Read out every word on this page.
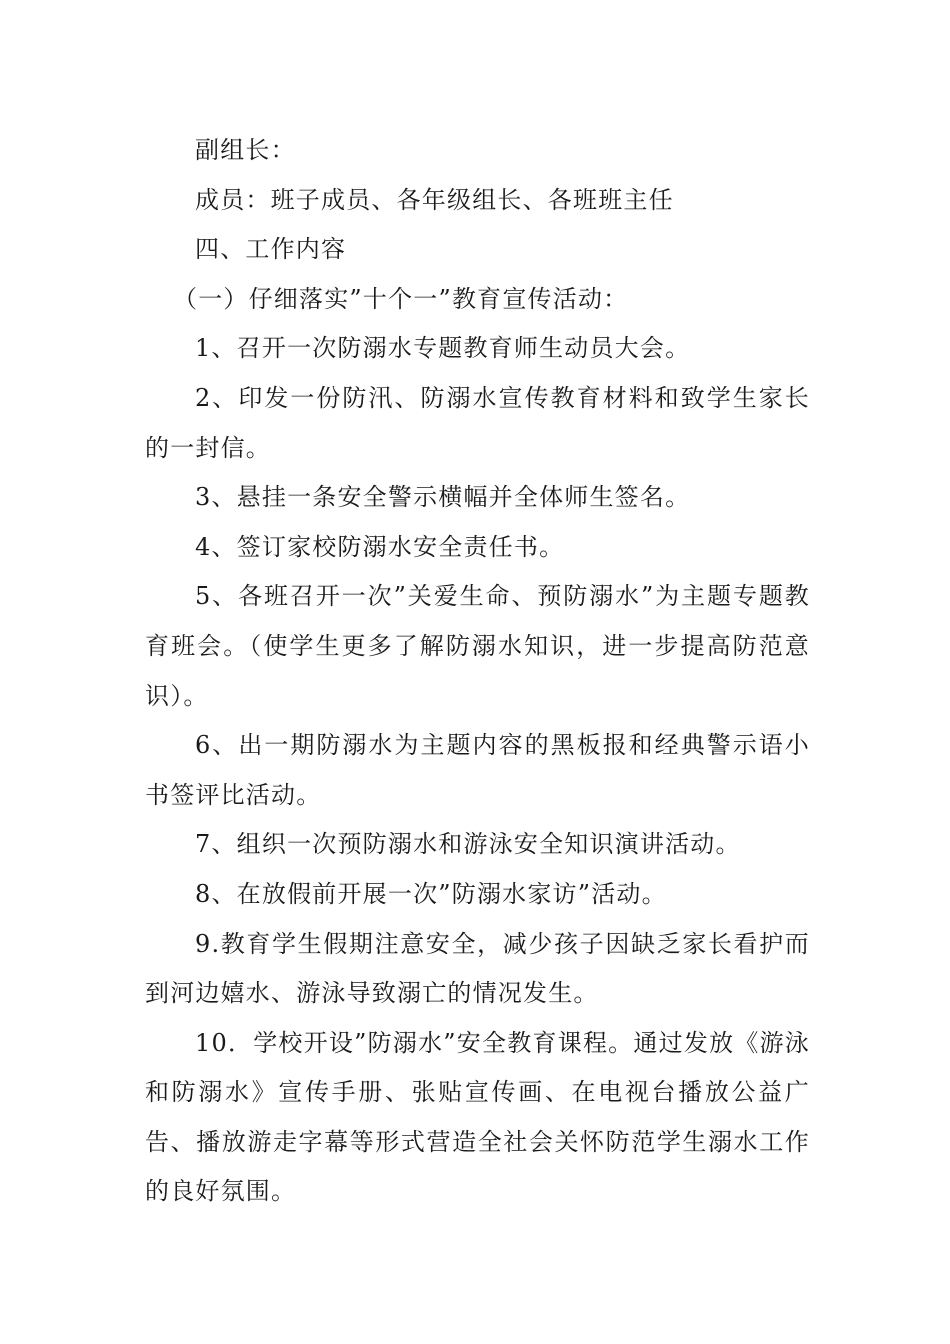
副组长：

成员：班子成员、各年级组长、各班班主任

四、工作内容

（一）仔细落实”十个一”教育宣传活动：

1、召开一次防溺水专题教育师生动员大会。

2、印发一份防汛、防溺水宣传教育材料和致学生家长的一封信。

3、悬挂一条安全警示横幅并全体师生签名。

4、签订家校防溺水安全责任书。

5、各班召开一次”关爱生命、预防溺水”为主题专题教育班会。（使学生更多了解防溺水知识，进一步提高防范意识）。

6、出一期防溺水为主题内容的黑板报和经典警示语小书签评比活动。

7、组织一次预防溺水和游泳安全知识演讲活动。

8、在放假前开展一次”防溺水家访”活动。

9.教育学生假期注意安全，减少孩子因缺乏家长看护而到河边嬉水、游泳导致溺亡的情况发生。

10．学校开设”防溺水”安全教育课程。通过发放《游泳和防溺水》宣传手册、张贴宣传画、在电视台播放公益广告、播放游走字幕等形式营造全社会关怀防范学生溺水工作的良好氛围。
